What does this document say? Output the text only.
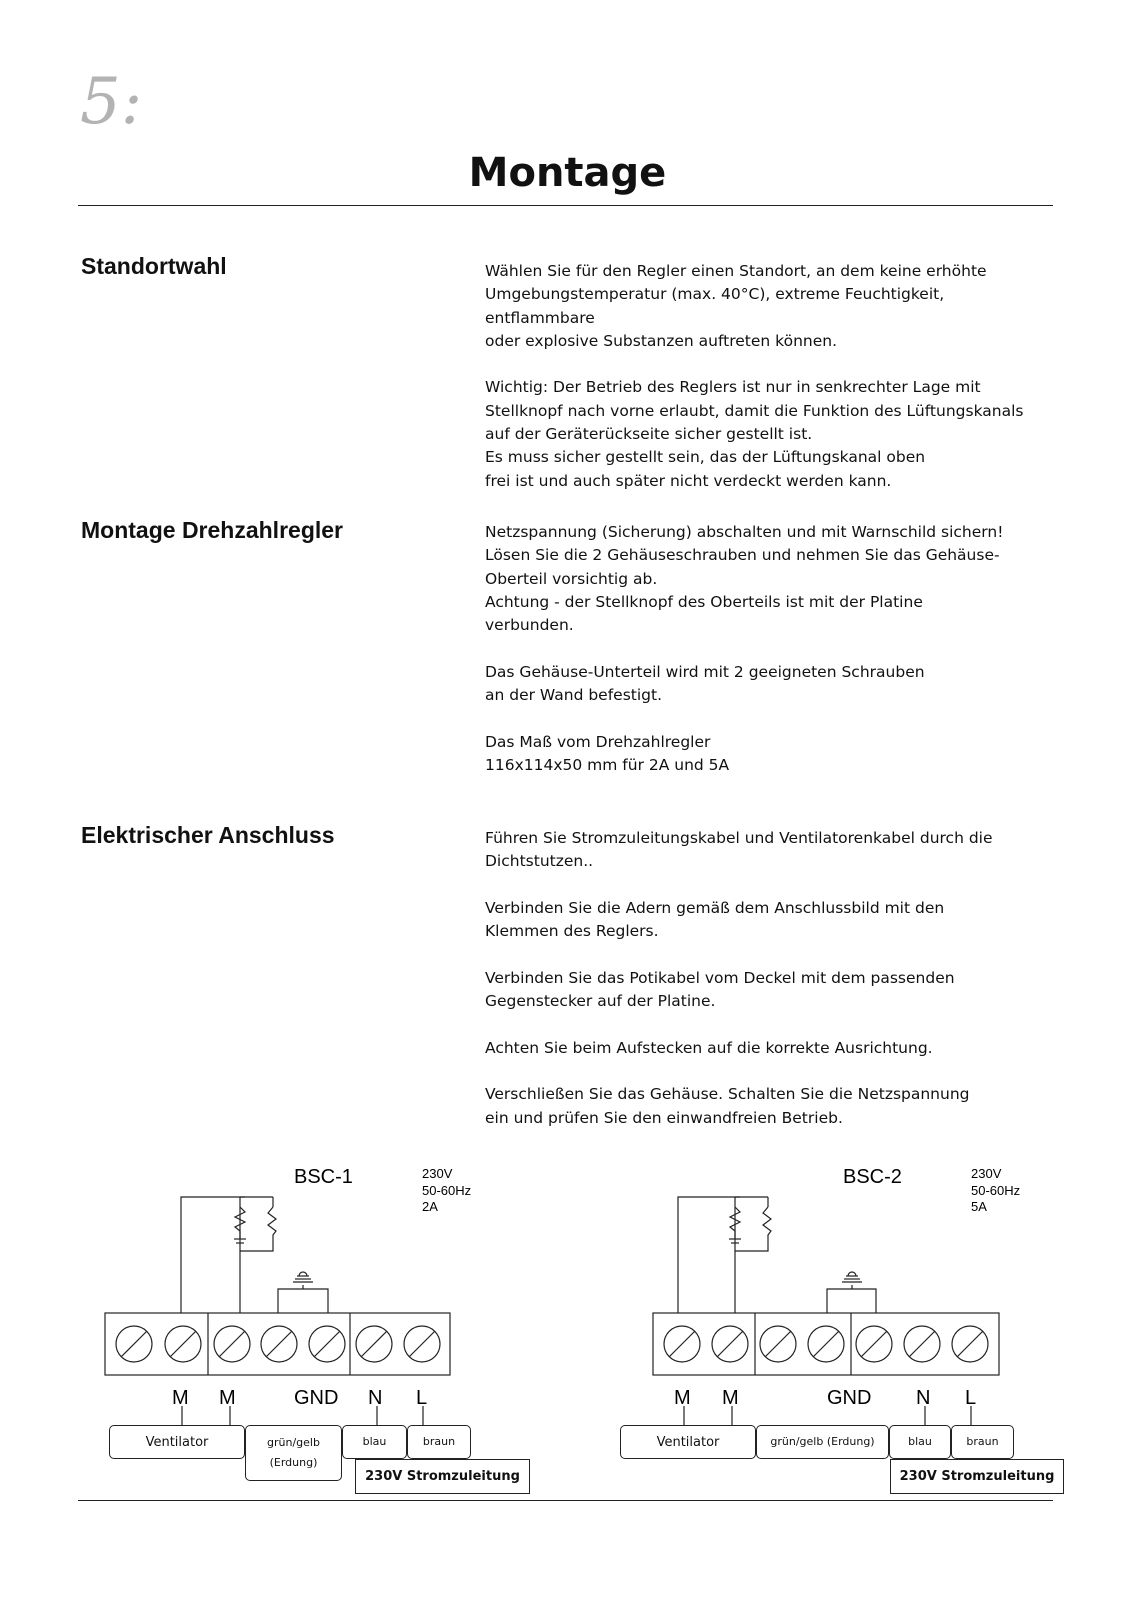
5:
Montage
Standortwahl	Wählen Sie für den Regler einen Standort, an dem keine erhöhte
Umgebungstemperatur (max. 40°C), extreme Feuchtigkeit,
entflammbare
oder explosive Substanzen auftreten können.

Wichtig: Der Betrieb des Reglers ist nur in senkrechter Lage mit
Stellknopf nach vorne erlaubt, damit die Funktion des Lüftungskanals
auf der Geräterückseite sicher gestellt ist.
Es muss sicher gestellt sein, das der Lüftungskanal oben
frei ist und auch später nicht verdeckt werden kann.

Montage Drehzahlregler	Netzspannung (Sicherung) abschalten und mit Warnschild sichern!
Lösen Sie die 2 Gehäuseschrauben und nehmen Sie das Gehäuse-
Oberteil vorsichtig ab.
Achtung - der Stellknopf des Oberteils ist mit der Platine
verbunden.

Das Gehäuse-Unterteil wird mit 2 geeigneten Schrauben
an der Wand befestigt.

Das Maß vom Drehzahlregler
116x114x50 mm für 2A und 5A

Elektrischer Anschluss	Führen Sie Stromzuleitungskabel und Ventilatorenkabel durch die
Dichtstutzen..

Verbinden Sie die Adern gemäß dem Anschlussbild mit den
Klemmen des Reglers.

Verbinden Sie das Potikabel vom Deckel mit dem passenden
Gegenstecker auf der Platine.

Achten Sie beim Aufstecken auf die korrekte Ausrichtung.

Verschließen Sie das Gehäuse. Schalten Sie die Netzspannung
ein und prüfen Sie den einwandfreien Betrieb.

BSC-1	230V
50-60Hz
2A
M M	GND N L
Ventilator	grün/gelb
(Erdung)
blau	braun
230V Stromzuleitung
BSC-2	230V
50-60Hz
5A
M M	GND N L
Ventilator	grün/gelb (Erdung)	blau	braun
230V Stromzuleitung
